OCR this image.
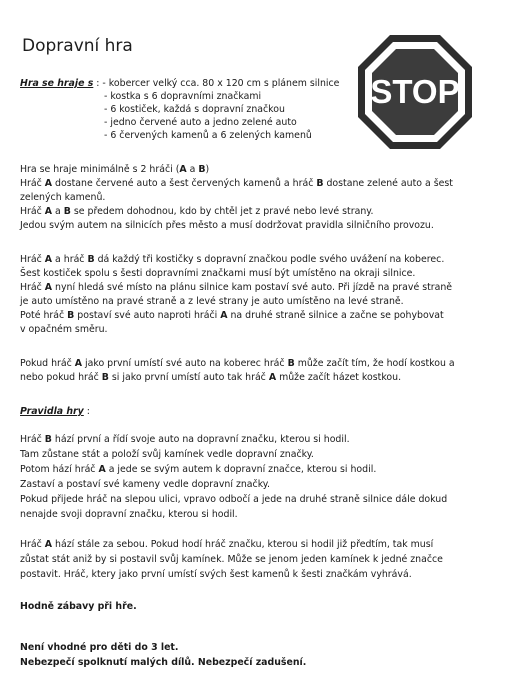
Dopravní hra
STOP
Hra se hraje s : - kobercer velký cca. 80 x 120 cm s plánem silnice
- kostka s 6 dopravními značkami
- 6 kostiček, každá s dopravní značkou
- jedno červené auto a jedno zelené auto
- 6 červených kamenů a 6 zelených kamenů
Hra se hraje minimálně s 2 hráči (A a B)
Hráč A dostane červené auto a šest červených kamenů a hráč B dostane zelené auto a šest
zelených kamenů.
Hráč A a B se předem dohodnou, kdo by chtěl jet z pravé nebo levé strany.
Jedou svým autem na silnicích přes město a musí dodržovat pravidla silničního provozu.
Hráč A a hráč B dá každý tři kostičky s dopravní značkou podle svého uvážení na koberec.
Šest kostiček spolu s šesti dopravními značkami musí být umístěno na okraji silnice.
Hráč A nyní hledá své místo na plánu silnice kam postaví své auto. Při jízdě na pravé straně
je auto umístěno na pravé straně a z levé strany je auto umístěno na levé straně.
Poté hráč B postaví své auto naproti hráči A na druhé straně silnice a začne se pohybovat
v opačném směru.
Pokud hráč A jako první umístí své auto na koberec hráč B může začít tím, že hodí kostkou a
nebo pokud hráč B si jako první umístí auto tak hráč A může začít házet kostkou.
Pravidla hry :
Hráč B hází první a řídí svoje auto na dopravní značku, kterou si hodil.
Tam zůstane stát a položí svůj kamínek vedle dopravní značky.
Potom hází hráč A a jede se svým autem k dopravní značce, kterou si hodil.
Zastaví a postaví své kameny vedle dopravní značky.
Pokud přijede hráč na slepou ulici, vpravo odbočí a jede na druhé straně silnice dále dokud
nenajde svoji dopravní značku, kterou si hodil.
Hráč A hází stále za sebou. Pokud hodí hráč značku, kterou si hodil již předtím, tak musí
zůstat stát aniž by si postavil svůj kamínek. Může se jenom jeden kamínek k jedné značce
postavit. Hráč, ktery jako první umístí svých šest kamenů k šesti značkám vyhrává.
Hodně zábavy při hře.
Není vhodné pro děti do 3 let.
Nebezpečí spolknutí malých dílů. Nebezpečí zadušení.
